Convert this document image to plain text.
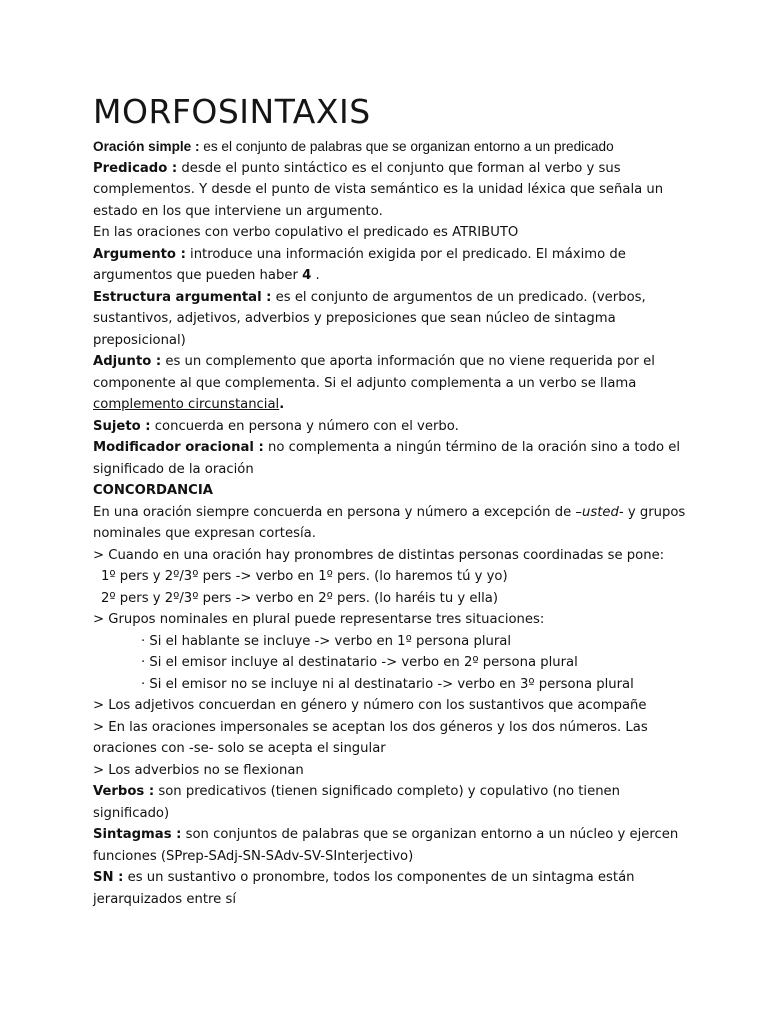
MORFOSINTAXIS
Oración simple : es el conjunto de palabras que se organizan entorno a un predicado
Predicado : desde el punto sintáctico es el conjunto que forman al verbo y sus
complementos. Y desde el punto de vista semántico es la unidad léxica que señala un
estado en los que interviene un argumento.
En las oraciones con verbo copulativo el predicado es ATRIBUTO
Argumento : introduce una información exigida por el predicado. El máximo de
argumentos que pueden haber 4 .
Estructura argumental : es el conjunto de argumentos de un predicado. (verbos,
sustantivos, adjetivos, adverbios y preposiciones que sean núcleo de sintagma
preposicional)
Adjunto : es un complemento que aporta información que no viene requerida por el
componente al que complementa. Si el adjunto complementa a un verbo se llama
complemento circunstancial.
Sujeto : concuerda en persona y número con el verbo.
Modificador oracional : no complementa a ningún término de la oración sino a todo el
significado de la oración
CONCORDANCIA
En una oración siempre concuerda en persona y número a excepción de –usted- y grupos
nominales que expresan cortesía.
> Cuando en una oración hay pronombres de distintas personas coordinadas se pone:
1º pers y 2º/3º pers -> verbo en 1º pers. (lo haremos tú y yo)
2º pers y 2º/3º pers -> verbo en 2º pers. (lo haréis tu y ella)
> Grupos nominales en plural puede representarse tres situaciones:
· Si el hablante se incluye -> verbo en 1º persona plural
· Si el emisor incluye al destinatario -> verbo en 2º persona plural
· Si el emisor no se incluye ni al destinatario -> verbo en 3º persona plural
> Los adjetivos concuerdan en género y número con los sustantivos que acompañe
> En las oraciones impersonales se aceptan los dos géneros y los dos números. Las
oraciones con -se- solo se acepta el singular
> Los adverbios no se flexionan
Verbos : son predicativos (tienen significado completo) y copulativo (no tienen
significado)
Sintagmas : son conjuntos de palabras que se organizan entorno a un núcleo y ejercen
funciones (SPrep-SAdj-SN-SAdv-SV-SInterjectivo)
SN : es un sustantivo o pronombre, todos los componentes de un sintagma están
jerarquizados entre sí
